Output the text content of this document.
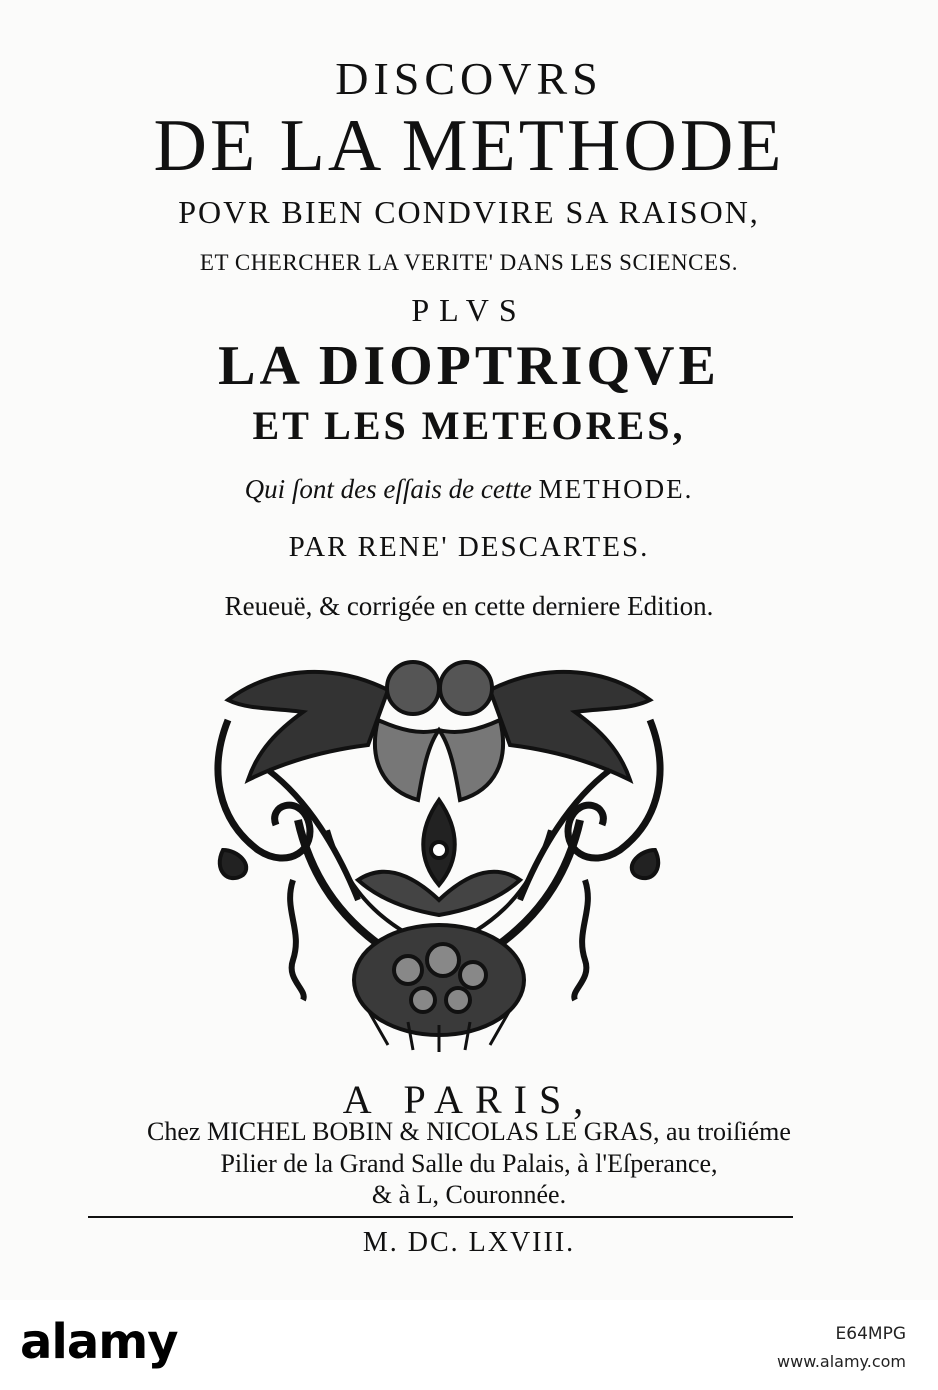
DISCOVRS
DE LA METHODE
POVR BIEN CONDVIRE SA RAISON,
ET CHERCHER LA VERITE' DANS LES SCIENCES.
PLVS
LA DIOPTRIQVE
ET LES METEORES,
Qui ſont des eſſais de cette METHODE.
PAR RENE' DESCARTES.
Reueuë, & corrigée en cette derniere Edition.
A PARIS,
Chez MICHEL BOBIN & NICOLAS LE GRAS, au troiſiéme
Pilier de la Grand Salle du Palais, à l'Eſperance,
& à L, Couronnée.
M. DC. LXVIII.
alamy	E64MPG
www.alamy.com
